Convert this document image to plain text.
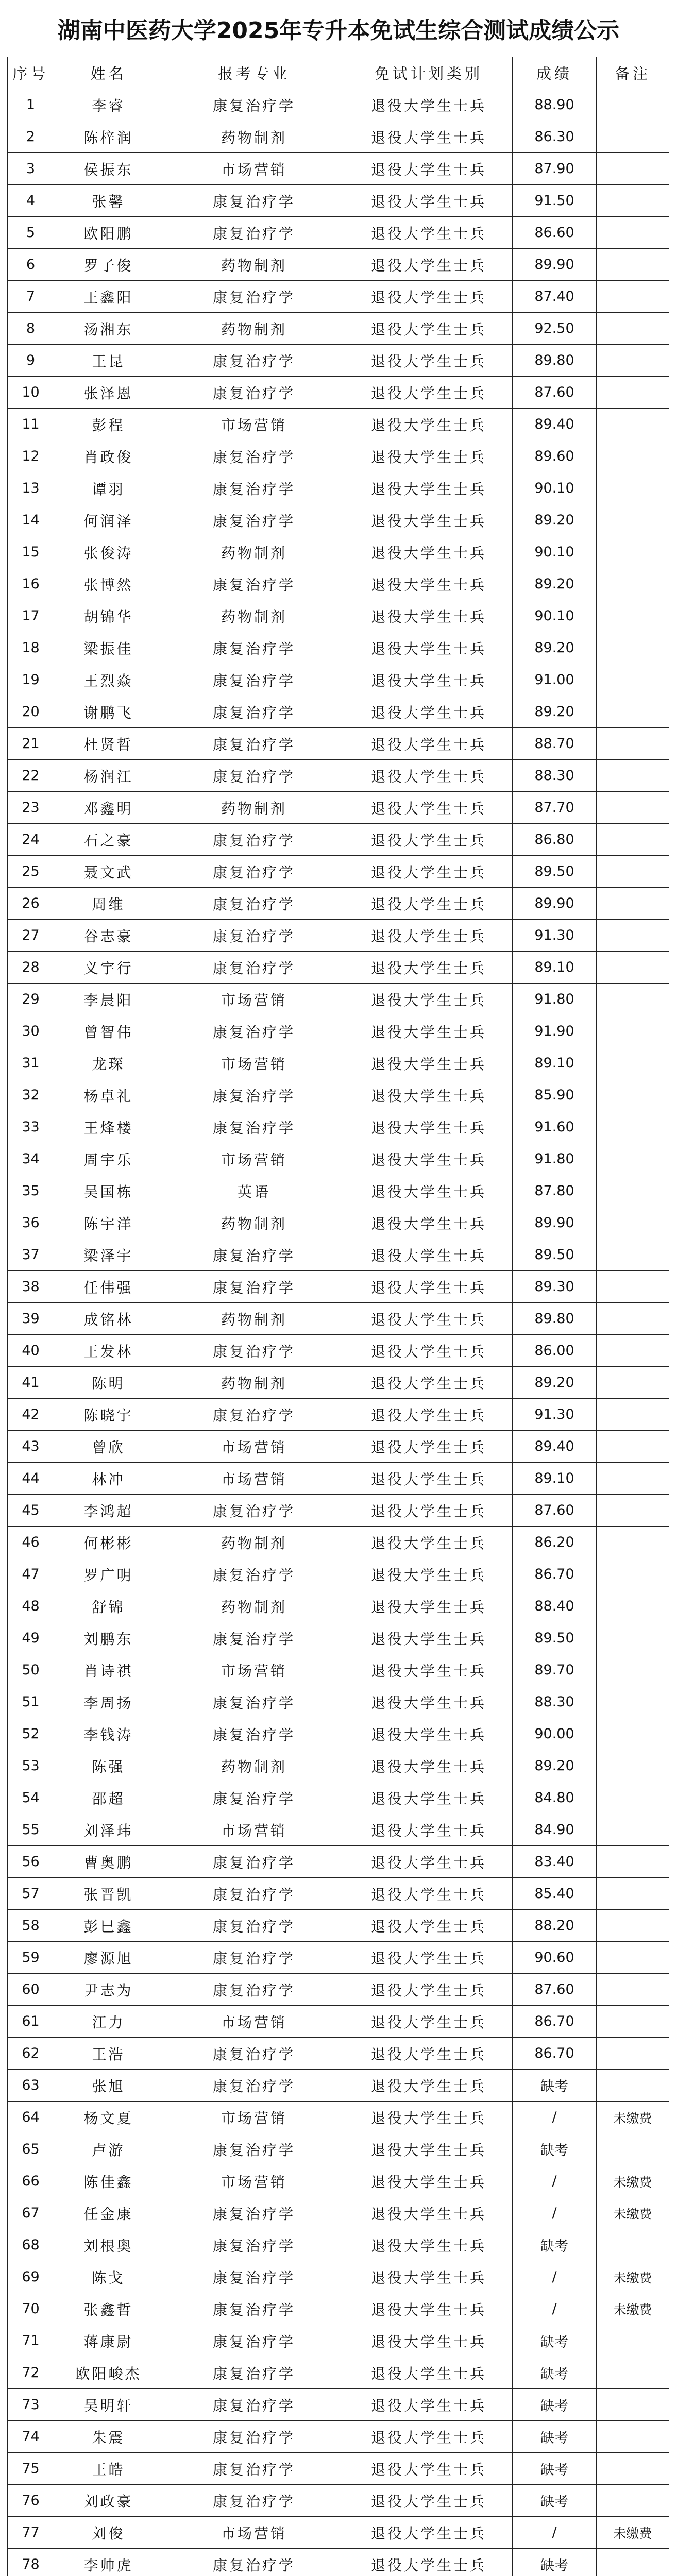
湖南中医药大学2025年专升本免试生综合测试成绩公示
序号	姓名	报考专业	免试计划类别	成绩	备注
1	李睿	康复治疗学	退役大学生士兵	88.90	
2	陈梓润	药物制剂	退役大学生士兵	86.30	
3	侯振东	市场营销	退役大学生士兵	87.90	
4	张馨	康复治疗学	退役大学生士兵	91.50	
5	欧阳鹏	康复治疗学	退役大学生士兵	86.60	
6	罗子俊	药物制剂	退役大学生士兵	89.90	
7	王鑫阳	康复治疗学	退役大学生士兵	87.40	
8	汤湘东	药物制剂	退役大学生士兵	92.50	
9	王昆	康复治疗学	退役大学生士兵	89.80	
10	张泽恩	康复治疗学	退役大学生士兵	87.60	
11	彭程	市场营销	退役大学生士兵	89.40	
12	肖政俊	康复治疗学	退役大学生士兵	89.60	
13	谭羽	康复治疗学	退役大学生士兵	90.10	
14	何润泽	康复治疗学	退役大学生士兵	89.20	
15	张俊涛	药物制剂	退役大学生士兵	90.10	
16	张博然	康复治疗学	退役大学生士兵	89.20	
17	胡锦华	药物制剂	退役大学生士兵	90.10	
18	梁振佳	康复治疗学	退役大学生士兵	89.20	
19	王烈焱	康复治疗学	退役大学生士兵	91.00	
20	谢鹏飞	康复治疗学	退役大学生士兵	89.20	
21	杜贤哲	康复治疗学	退役大学生士兵	88.70	
22	杨润江	康复治疗学	退役大学生士兵	88.30	
23	邓鑫明	药物制剂	退役大学生士兵	87.70	
24	石之豪	康复治疗学	退役大学生士兵	86.80	
25	聂文武	康复治疗学	退役大学生士兵	89.50	
26	周维	康复治疗学	退役大学生士兵	89.90	
27	谷志豪	康复治疗学	退役大学生士兵	91.30	
28	义宇行	康复治疗学	退役大学生士兵	89.10	
29	李晨阳	市场营销	退役大学生士兵	91.80	
30	曾智伟	康复治疗学	退役大学生士兵	91.90	
31	龙琛	市场营销	退役大学生士兵	89.10	
32	杨卓礼	康复治疗学	退役大学生士兵	85.90	
33	王烽楼	康复治疗学	退役大学生士兵	91.60	
34	周宇乐	市场营销	退役大学生士兵	91.80	
35	吴国栋	英语	退役大学生士兵	87.80	
36	陈宇洋	药物制剂	退役大学生士兵	89.90	
37	梁泽宇	康复治疗学	退役大学生士兵	89.50	
38	任伟强	康复治疗学	退役大学生士兵	89.30	
39	成铭林	药物制剂	退役大学生士兵	89.80	
40	王发林	康复治疗学	退役大学生士兵	86.00	
41	陈明	药物制剂	退役大学生士兵	89.20	
42	陈晓宇	康复治疗学	退役大学生士兵	91.30	
43	曾欣	市场营销	退役大学生士兵	89.40	
44	林冲	市场营销	退役大学生士兵	89.10	
45	李鸿超	康复治疗学	退役大学生士兵	87.60	
46	何彬彬	药物制剂	退役大学生士兵	86.20	
47	罗广明	康复治疗学	退役大学生士兵	86.70	
48	舒锦	药物制剂	退役大学生士兵	88.40	
49	刘鹏东	康复治疗学	退役大学生士兵	89.50	
50	肖诗祺	市场营销	退役大学生士兵	89.70	
51	李周扬	康复治疗学	退役大学生士兵	88.30	
52	李钱涛	康复治疗学	退役大学生士兵	90.00	
53	陈强	药物制剂	退役大学生士兵	89.20	
54	邵超	康复治疗学	退役大学生士兵	84.80	
55	刘泽玮	市场营销	退役大学生士兵	84.90	
56	曹奥鹏	康复治疗学	退役大学生士兵	83.40	
57	张晋凯	康复治疗学	退役大学生士兵	85.40	
58	彭巳鑫	康复治疗学	退役大学生士兵	88.20	
59	廖源旭	康复治疗学	退役大学生士兵	90.60	
60	尹志为	康复治疗学	退役大学生士兵	87.60	
61	江力	市场营销	退役大学生士兵	86.70	
62	王浩	康复治疗学	退役大学生士兵	86.70	
63	张旭	康复治疗学	退役大学生士兵	缺考	
64	杨文夏	市场营销	退役大学生士兵	/	未缴费
65	卢游	康复治疗学	退役大学生士兵	缺考	
66	陈佳鑫	市场营销	退役大学生士兵	/	未缴费
67	任金康	康复治疗学	退役大学生士兵	/	未缴费
68	刘根奥	康复治疗学	退役大学生士兵	缺考	
69	陈戈	康复治疗学	退役大学生士兵	/	未缴费
70	张鑫哲	康复治疗学	退役大学生士兵	/	未缴费
71	蒋康尉	康复治疗学	退役大学生士兵	缺考	
72	欧阳峻杰	康复治疗学	退役大学生士兵	缺考	
73	吴明轩	康复治疗学	退役大学生士兵	缺考	
74	朱震	康复治疗学	退役大学生士兵	缺考	
75	王皓	康复治疗学	退役大学生士兵	缺考	
76	刘政豪	康复治疗学	退役大学生士兵	缺考	
77	刘俊	市场营销	退役大学生士兵	/	未缴费
78	李帅虎	康复治疗学	退役大学生士兵	缺考	
